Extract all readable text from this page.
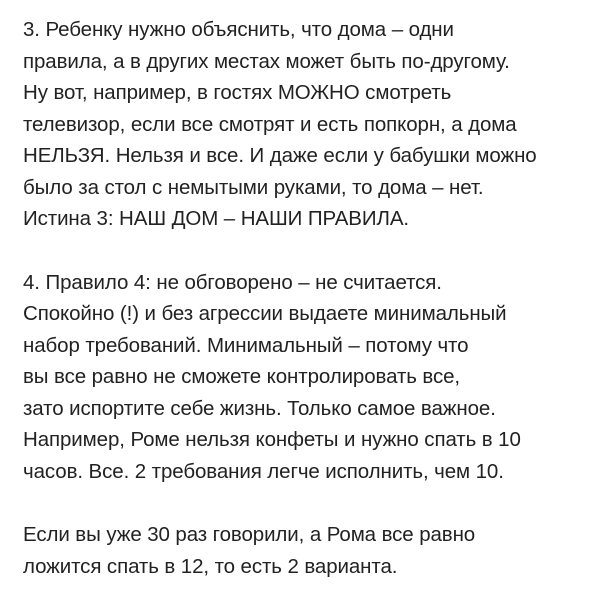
3. Ребенку нужно объяснить, что дома – одни
правила, а в других местах может быть по-другому.
Ну вот, например, в гостях МОЖНО смотреть
телевизор, если все смотрят и есть попкорн, а дома
НЕЛЬЗЯ. Нельзя и все. И даже если у бабушки можно
было за стол с немытыми руками, то дома – нет.
Истина 3: НАШ ДОМ – НАШИ ПРАВИЛА.

4. Правило 4: не обговорено – не считается.
Спокойно (!) и без агрессии выдаете минимальный
набор требований. Минимальный – потому что
вы все равно не сможете контролировать все,
зато испортите себе жизнь. Только самое важное.
Например, Роме нельзя конфеты и нужно спать в 10
часов. Все. 2 требования легче исполнить, чем 10.

Если вы уже 30 раз говорили, а Рома все равно
ложится спать в 12, то есть 2 варианта.
